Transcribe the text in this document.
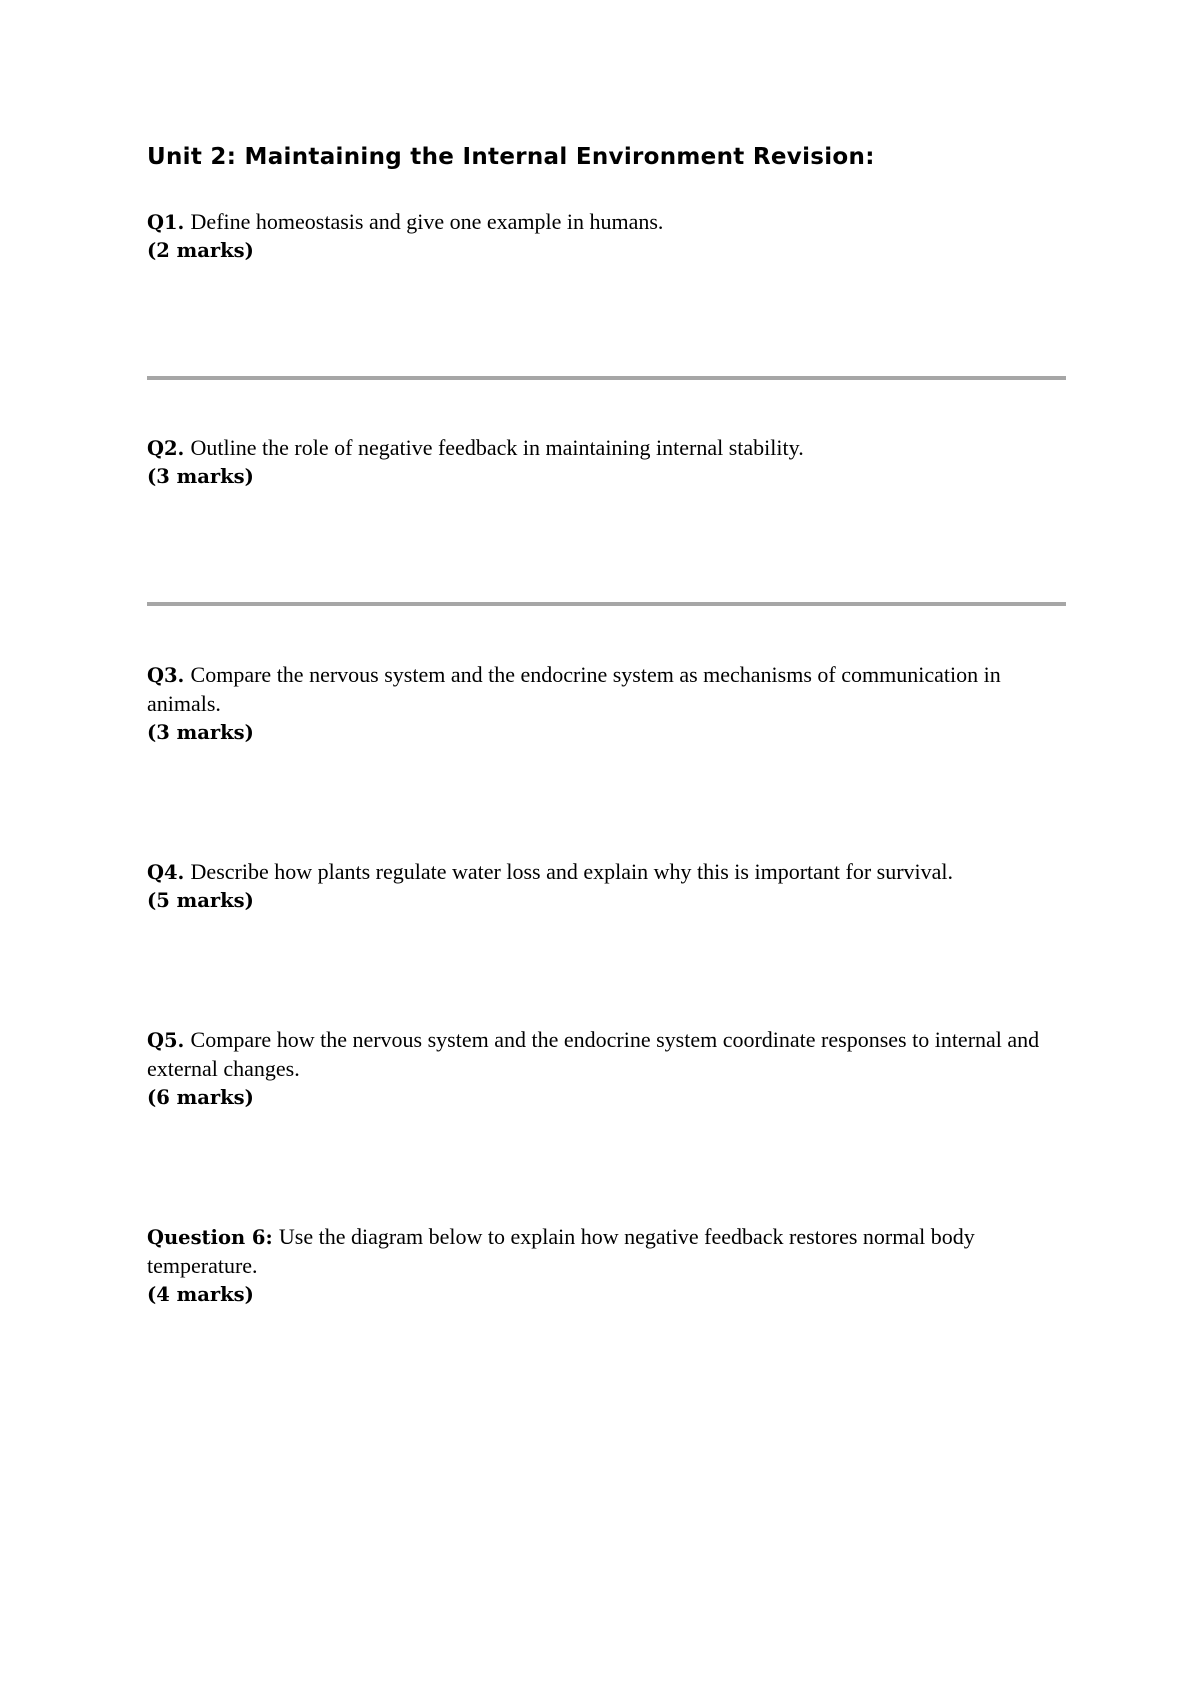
Unit 2: Maintaining the Internal Environment Revision:
Q1. Define homeostasis and give one example in humans.
(2 marks)
Q2. Outline the role of negative feedback in maintaining internal stability.
(3 marks)
Q3. Compare the nervous system and the endocrine system as mechanisms of communication in animals.
(3 marks)
Q4. Describe how plants regulate water loss and explain why this is important for survival.
(5 marks)
Q5. Compare how the nervous system and the endocrine system coordinate responses to internal and external changes.
(6 marks)
Question 6: Use the diagram below to explain how negative feedback restores normal body temperature.
(4 marks)
